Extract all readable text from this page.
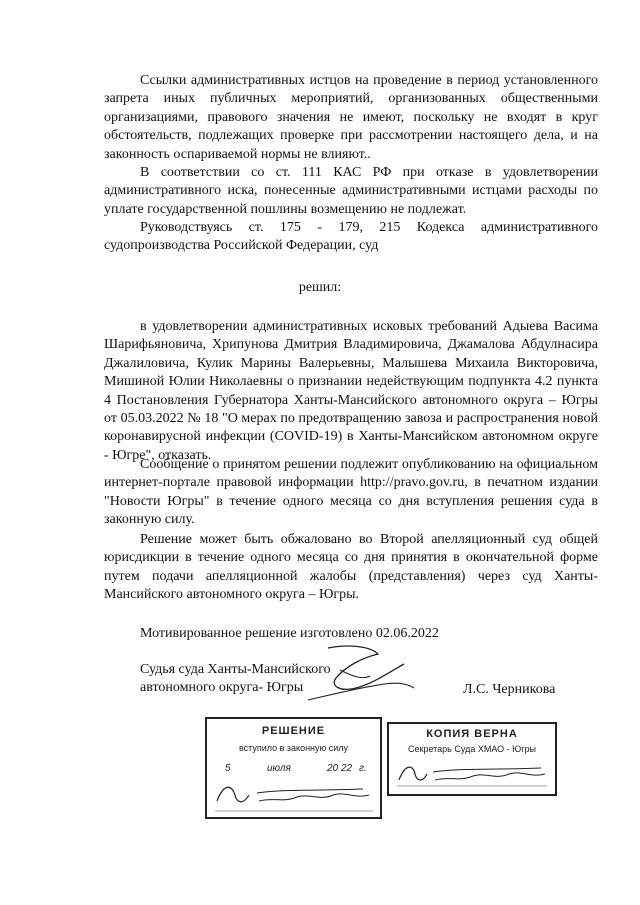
Ссылки административных истцов на проведение в период установленного запрета иных публичных мероприятий, организованных общественными организациями, правового значения не имеют, поскольку не входят в круг обстоятельств, подлежащих проверке при рассмотрении настоящего дела, и на законность оспариваемой нормы не влияют..
В соответствии со ст. 111 КАС РФ при отказе в удовлетворении административного иска, понесенные административными истцами расходы по уплате государственной пошлины возмещению не подлежат.
Руководствуясь ст. 175 - 179, 215 Кодекса административного судопроизводства Российской Федерации, суд
решил:
в удовлетворении административных исковых требований Адыева Васима Шарифьяновича, Хрипунова Дмитрия Владимировича, Джамалова Абдулнасира Джалиловича, Кулик Марины Валерьевны, Малышева Михаила Викторовича, Мишиной Юлии Николаевны о признании недействующим подпункта 4.2 пункта 4 Постановления Губернатора Ханты-Мансийского автономного округа – Югры от 05.03.2022 № 18 "О мерах по предотвращению завоза и распространения новой коронавирусной инфекции (COVID-19) в Ханты-Мансийском автономном округе - Югре", отказать.
Сообщение о принятом решении подлежит опубликованию на официальном интернет-портале правовой информации http://pravo.gov.ru, в печатном издании "Новости Югры" в течение одного месяца со дня вступления решения суда в законную силу.
Решение может быть обжаловано во Второй апелляционный суд общей юрисдикции в течение одного месяца со дня принятия в окончательной форме путем подачи апелляционной жалобы (представления) через суд Ханты-Мансийского автономного округа – Югры.
Мотивированное решение изготовлено 02.06.2022
Судья суда Ханты-Мансийского
автономного округа- Югры	Л.С. Черникова
РЕШЕНИЕ
вступило в законную силу
5	июля	20 22 г.
КОПИЯ ВЕРНА
Секретарь Суда ХМАО - Югры
